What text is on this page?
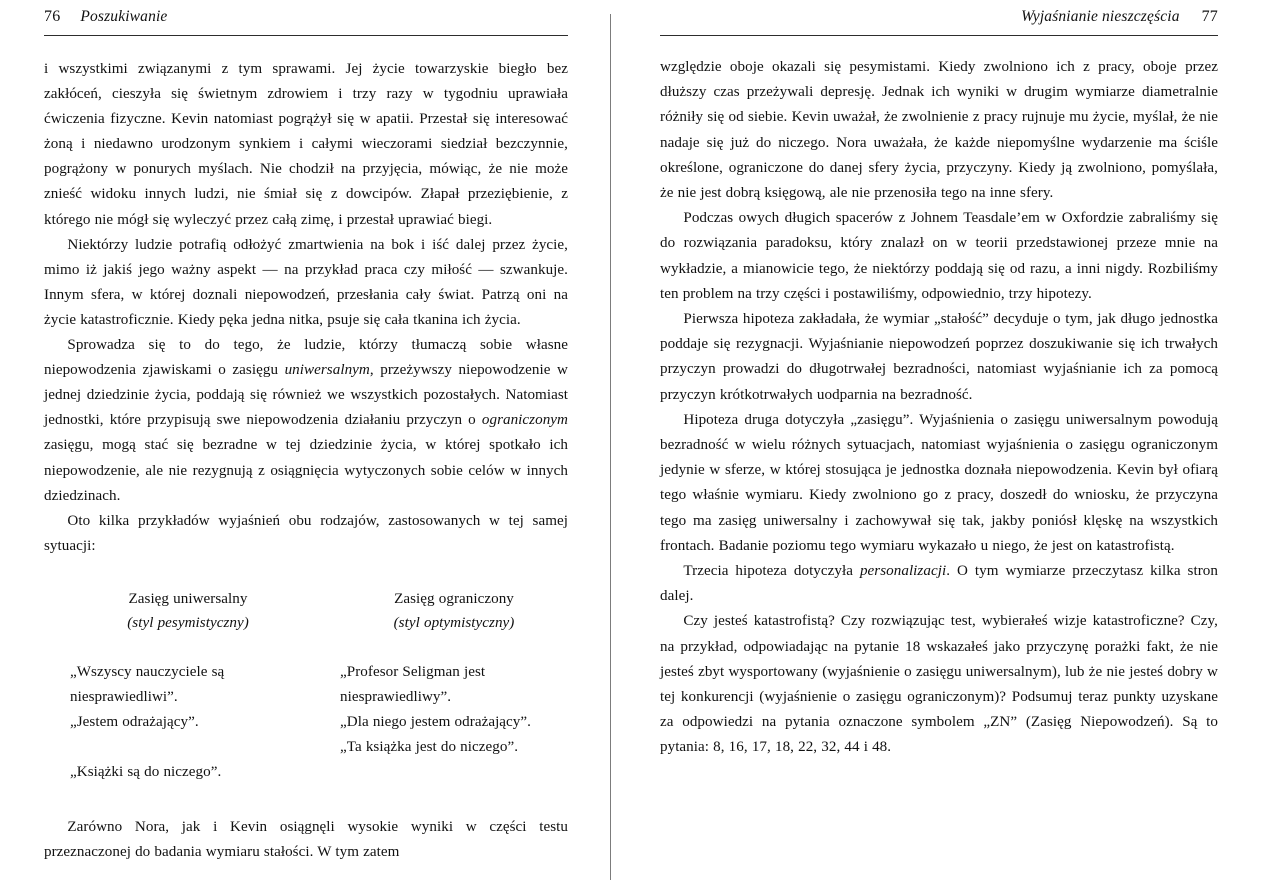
76 Poszukiwanie

i wszystkimi związanymi z tym sprawami. Jej życie towarzyskie biegło bez zakłóceń, cieszyła się świetnym zdrowiem i trzy razy w tygodniu uprawiała ćwiczenia fizyczne. Kevin natomiast pogrążył się w apatii. Przestał się interesować żoną i niedawno urodzonym synkiem i całymi wieczorami siedział bezczynnie, pogrążony w ponurych myślach. Nie chodził na przyjęcia, mówiąc, że nie może znieść widoku innych ludzi, nie śmiał się z dowcipów. Złapał przeziębienie, z którego nie mógł się wyleczyć przez całą zimę, i przestał uprawiać biegi.

Niektórzy ludzie potrafią odłożyć zmartwienia na bok i iść dalej przez życie, mimo iż jakiś jego ważny aspekt — na przykład praca czy miłość — szwankuje. Innym sfera, w której doznali niepowodzeń, przesłania cały świat. Patrzą oni na życie katastroficznie. Kiedy pęka jedna nitka, psuje się cała tkanina ich życia.

Sprowadza się to do tego, że ludzie, którzy tłumaczą sobie własne niepowodzenia zjawiskami o zasięgu uniwersalnym, przeżywszy niepowodzenie w jednej dziedzinie życia, poddają się również we wszystkich pozostałych. Natomiast jednostki, które przypisują swe niepowodzenia działaniu przyczyn o ograniczonym zasięgu, mogą stać się bezradne w tej dziedzinie życia, w której spotkało ich niepowodzenie, ale nie rezygnują z osiągnięcia wytyczonych sobie celów w innych dziedzinach.

Oto kilka przykładów wyjaśnień obu rodzajów, zastosowanych w tej samej sytuacji:

Zasięg uniwersalny
(styl pesymistyczny)
Zasięg ograniczony
(styl optymistyczny)

„Wszyscy nauczyciele są niesprawiedliwi”.

„Jestem odrażający”.

„Książki są do niczego”.

„Profesor Seligman jest niesprawiedliwy”.

„Dla niego jestem odrażający”.

„Ta książka jest do niczego”.

Zarówno Nora, jak i Kevin osiągnęli wysokie wyniki w części testu przeznaczonej do badania wymiaru stałości. W tym zatem

Wyjaśnianie nieszczęścia 77

względzie oboje okazali się pesymistami. Kiedy zwolniono ich z pracy, oboje przez dłuższy czas przeżywali depresję. Jednak ich wyniki w drugim wymiarze diametralnie różniły się od siebie. Kevin uważał, że zwolnienie z pracy rujnuje mu życie, myślał, że nie nadaje się już do niczego. Nora uważała, że każde niepomyślne wydarzenie ma ściśle określone, ograniczone do danej sfery życia, przyczyny. Kiedy ją zwolniono, pomyślała, że nie jest dobrą księgową, ale nie przenosiła tego na inne sfery.

Podczas owych długich spacerów z Johnem Teasdale’em w Oxfordzie zabraliśmy się do rozwiązania paradoksu, który znalazł on w teorii przedstawionej przeze mnie na wykładzie, a mianowicie tego, że niektórzy poddają się od razu, a inni nigdy. Rozbiliśmy ten problem na trzy części i postawiliśmy, odpowiednio, trzy hipotezy.

Pierwsza hipoteza zakładała, że wymiar „stałość” decyduje o tym, jak długo jednostka poddaje się rezygnacji. Wyjaśnianie niepowodzeń poprzez doszukiwanie się ich trwałych przyczyn prowadzi do długotrwałej bezradności, natomiast wyjaśnianie ich za pomocą przyczyn krótkotrwałych uodparnia na bezradność.

Hipoteza druga dotyczyła „zasięgu”. Wyjaśnienia o zasięgu uniwersalnym powodują bezradność w wielu różnych sytuacjach, natomiast wyjaśnienia o zasięgu ograniczonym jedynie w sferze, w której stosująca je jednostka doznała niepowodzenia. Kevin był ofiarą tego właśnie wymiaru. Kiedy zwolniono go z pracy, doszedł do wniosku, że przyczyna tego ma zasięg uniwersalny i zachowywał się tak, jakby poniósł klęskę na wszystkich frontach. Badanie poziomu tego wymiaru wykazało u niego, że jest on katastrofistą.

Trzecia hipoteza dotyczyła personalizacji. O tym wymiarze przeczytasz kilka stron dalej.

Czy jesteś katastrofistą? Czy rozwiązując test, wybierałeś wizje katastroficzne? Czy, na przykład, odpowiadając na pytanie 18 wskazałeś jako przyczynę porażki fakt, że nie jesteś zbyt wysportowany (wyjaśnienie o zasięgu uniwersalnym), lub że nie jesteś dobry w tej konkurencji (wyjaśnienie o zasięgu ograniczonym)? Podsumuj teraz punkty uzyskane za odpowiedzi na pytania oznaczone symbolem „ZN” (Zasięg Niepowodzeń). Są to pytania: 8, 16, 17, 18, 22, 32, 44 i 48.
